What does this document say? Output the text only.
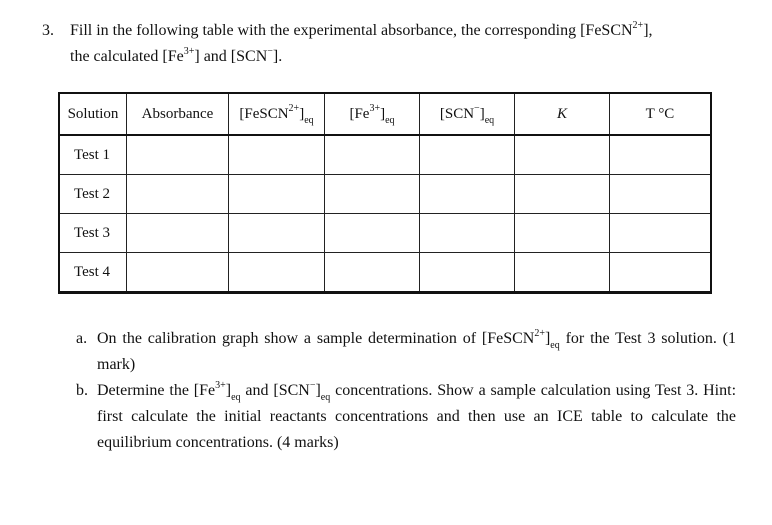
3. Fill in the following table with the experimental absorbance, the corresponding [FeSCN$^{2+}$],
the calculated $[Fe^{3+}]$ and [SCN−].
Solution	Absorbance	$[FeSCN^{2+}]_{eq}$	$[Fe^{3+}]_{eq}$	$[SCN^-]_{eq}$	K	T °C
Test 1						
Test 2						
Test 3						
Test 4						
a. On the calibration graph show a sample determination of $[FeSCN^{2+}]_{eq}$ for the Test 3 solution. (1 mark)
b. Determine the $[Fe^{3+}]_{eq}$ and $[SCN^-]_{eq}$ concentrations. Show a sample calculation using Test 3. Hint: first calculate the initial reactants concentrations and then use an ICE table to calculate the equilibrium concentrations. (4 marks)
